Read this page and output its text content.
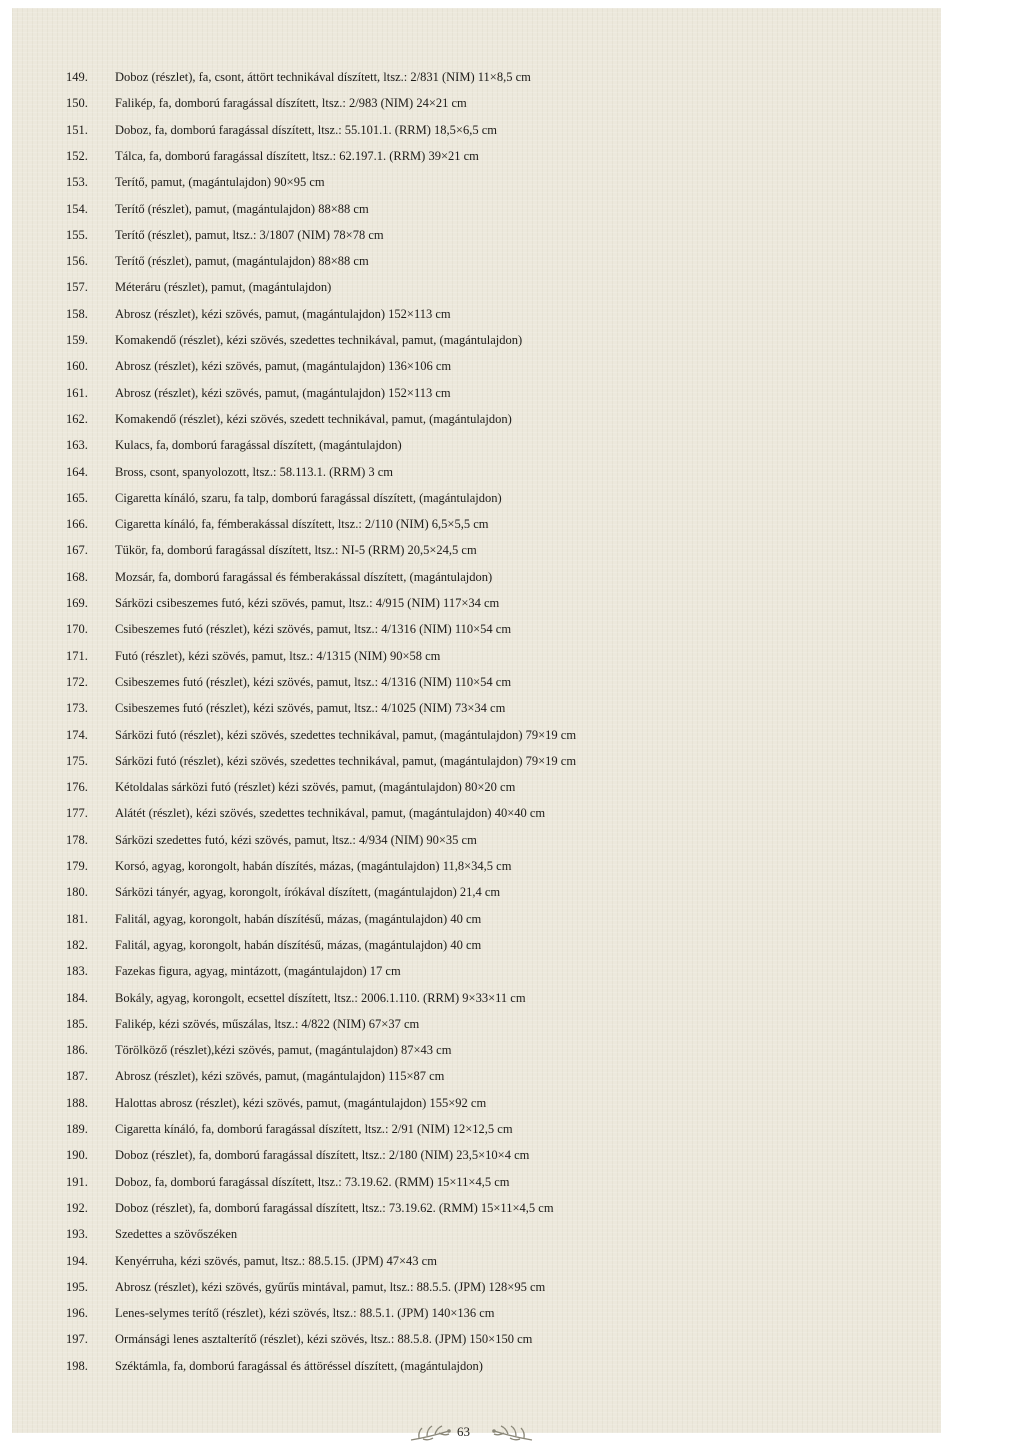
149. Doboz (részlet), fa, csont, áttört technikával díszített, ltsz.: 2/831 (NIM) 11×8,5 cm
150. Falikép, fa, domború faragással díszített, ltsz.: 2/983 (NIM) 24×21 cm
151. Doboz, fa, domború faragással díszített, ltsz.: 55.101.1. (RRM) 18,5×6,5 cm
152. Tálca, fa, domború faragással díszített, ltsz.: 62.197.1. (RRM) 39×21 cm
153. Terítő, pamut, (magántulajdon) 90×95 cm
154. Terítő (részlet), pamut, (magántulajdon) 88×88 cm
155. Terítő (részlet), pamut, ltsz.: 3/1807 (NIM) 78×78 cm
156. Terítő (részlet), pamut, (magántulajdon) 88×88 cm
157. Méteráru (részlet), pamut, (magántulajdon)
158. Abrosz (részlet), kézi szövés, pamut, (magántulajdon) 152×113 cm
159. Komakendő (részlet), kézi szövés, szedettes technikával, pamut, (magántulajdon)
160. Abrosz (részlet), kézi szövés, pamut, (magántulajdon) 136×106 cm
161. Abrosz (részlet), kézi szövés, pamut, (magántulajdon) 152×113 cm
162. Komakendő (részlet), kézi szövés, szedett technikával, pamut, (magántulajdon)
163. Kulacs, fa, domború faragással díszített, (magántulajdon)
164. Bross, csont, spanyolozott, ltsz.: 58.113.1. (RRM) 3 cm
165. Cigaretta kínáló, szaru, fa talp, domború faragással díszített, (magántulajdon)
166. Cigaretta kínáló, fa, fémberakással díszített, ltsz.: 2/110 (NIM) 6,5×5,5 cm
167. Tükör, fa, domború faragással díszített, ltsz.: NI-5 (RRM) 20,5×24,5 cm
168. Mozsár, fa, domború faragással és fémberakással díszített, (magántulajdon)
169. Sárközi csibeszemes futó, kézi szövés, pamut, ltsz.: 4/915 (NIM) 117×34 cm
170. Csibeszemes futó (részlet), kézi szövés, pamut, ltsz.: 4/1316 (NIM) 110×54 cm
171. Futó (részlet), kézi szövés, pamut, ltsz.: 4/1315 (NIM) 90×58 cm
172. Csibeszemes futó (részlet), kézi szövés, pamut, ltsz.: 4/1316 (NIM) 110×54 cm
173. Csibeszemes futó (részlet), kézi szövés, pamut, ltsz.: 4/1025 (NIM) 73×34 cm
174. Sárközi futó (részlet), kézi szövés, szedettes technikával, pamut, (magántulajdon) 79×19 cm
175. Sárközi futó (részlet), kézi szövés, szedettes technikával, pamut, (magántulajdon) 79×19 cm
176. Kétoldalas sárközi futó (részlet) kézi szövés, pamut, (magántulajdon) 80×20 cm
177. Alátét (részlet), kézi szövés, szedettes technikával, pamut, (magántulajdon) 40×40 cm
178. Sárközi szedettes futó, kézi szövés, pamut, ltsz.: 4/934 (NIM) 90×35 cm
179. Korsó, agyag, korongolt, habán díszítés, mázas, (magántulajdon) 11,8×34,5 cm
180. Sárközi tányér, agyag, korongolt, írókával díszített, (magántulajdon) 21,4 cm
181. Falitál, agyag, korongolt, habán díszítésű, mázas, (magántulajdon) 40 cm
182. Falitál, agyag, korongolt, habán díszítésű, mázas, (magántulajdon) 40 cm
183. Fazekas figura, agyag, mintázott, (magántulajdon) 17 cm
184. Bokály, agyag, korongolt, ecsettel díszített, ltsz.: 2006.1.110. (RRM) 9×33×11 cm
185. Falikép, kézi szövés, műszálas, ltsz.: 4/822 (NIM) 67×37 cm
186. Törölköző (részlet),kézi szövés, pamut, (magántulajdon) 87×43 cm
187. Abrosz (részlet), kézi szövés, pamut, (magántulajdon) 115×87 cm
188. Halottas abrosz (részlet), kézi szövés, pamut, (magántulajdon) 155×92 cm
189. Cigaretta kínáló, fa, domború faragással díszített, ltsz.: 2/91 (NIM) 12×12,5 cm
190. Doboz (részlet), fa, domború faragással díszített, ltsz.: 2/180 (NIM) 23,5×10×4 cm
191. Doboz, fa, domború faragással díszített, ltsz.: 73.19.62. (RMM) 15×11×4,5 cm
192. Doboz (részlet), fa, domború faragással díszített, ltsz.: 73.19.62. (RMM) 15×11×4,5 cm
193. Szedettes a szövőszéken
194. Kenyérruha, kézi szövés, pamut, ltsz.: 88.5.15. (JPM) 47×43 cm
195. Abrosz (részlet), kézi szövés, gyűrűs mintával, pamut, ltsz.: 88.5.5. (JPM) 128×95 cm
196. Lenes-selymes terítő (részlet), kézi szövés, ltsz.: 88.5.1. (JPM) 140×136 cm
197. Ormánsági lenes asztalterítő (részlet), kézi szövés, ltsz.: 88.5.8. (JPM) 150×150 cm
198. Széktámla, fa, domború faragással és áttöréssel díszített, (magántulajdon)
63
